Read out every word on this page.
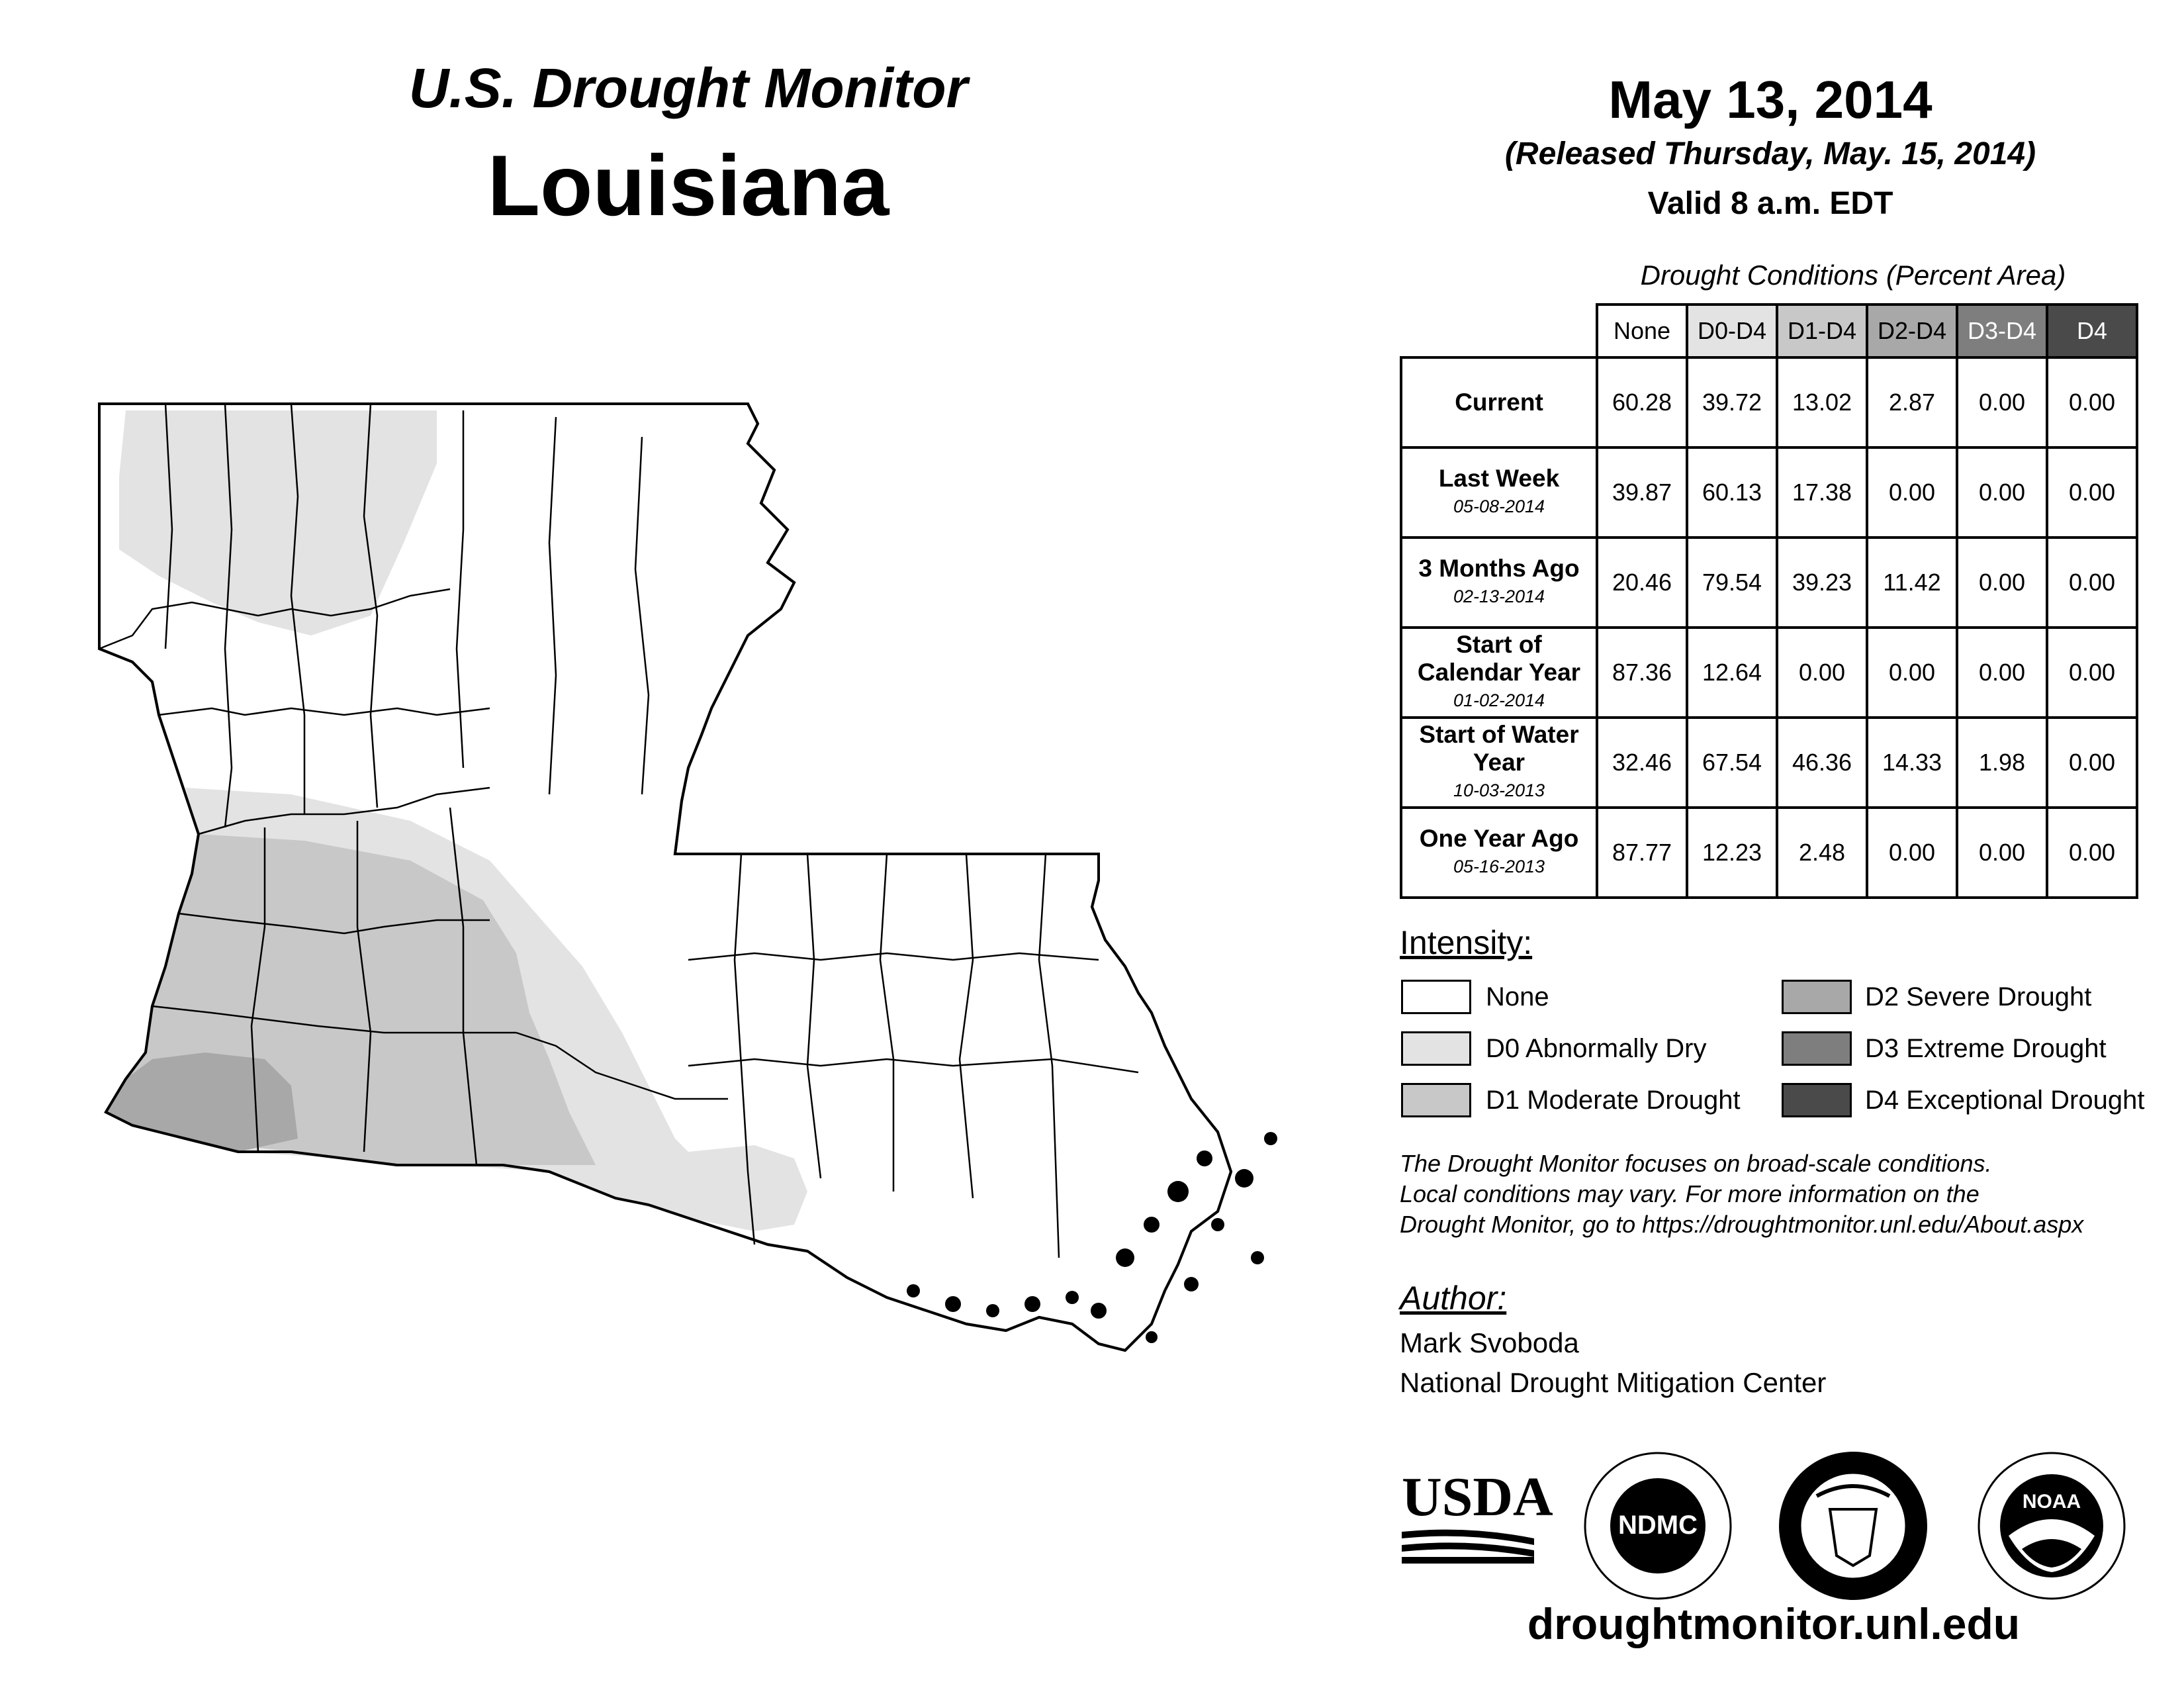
U.S. Drought Monitor
Louisiana
May 13, 2014
(Released Thursday, May. 15, 2014)
Valid 8 a.m. EDT
Drought Conditions (Percent Area)
	None	D0-D4	D1-D4	D2-D4	D3-D4	D4

Current	60.28	39.72	13.02	2.87	0.00	0.00

Last Week
05-08-2014	39.87	60.13	17.38	0.00	0.00	0.00

3 Months Ago
02-13-2014	20.46	79.54	39.23	11.42	0.00	0.00

Start of Calendar Year
01-02-2014	87.36	12.64	0.00	0.00	0.00	0.00

Start of Water Year
10-03-2013	32.46	67.54	46.36	14.33	1.98	0.00

One Year Ago
05-16-2013	87.77	12.23	2.48	0.00	0.00	0.00
Intensity:
None
D0 Abnormally Dry
D1 Moderate Drought
D2 Severe Drought
D3 Extreme Drought
D4 Exceptional Drought
The Drought Monitor focuses on broad-scale conditions.
Local conditions may vary. For more information on the
Drought Monitor, go to https://droughtmonitor.unl.edu/About.aspx
Author:
Mark Svoboda
National Drought Mitigation Center
USDA	NDMC
NOAA
droughtmonitor.unl.edu
